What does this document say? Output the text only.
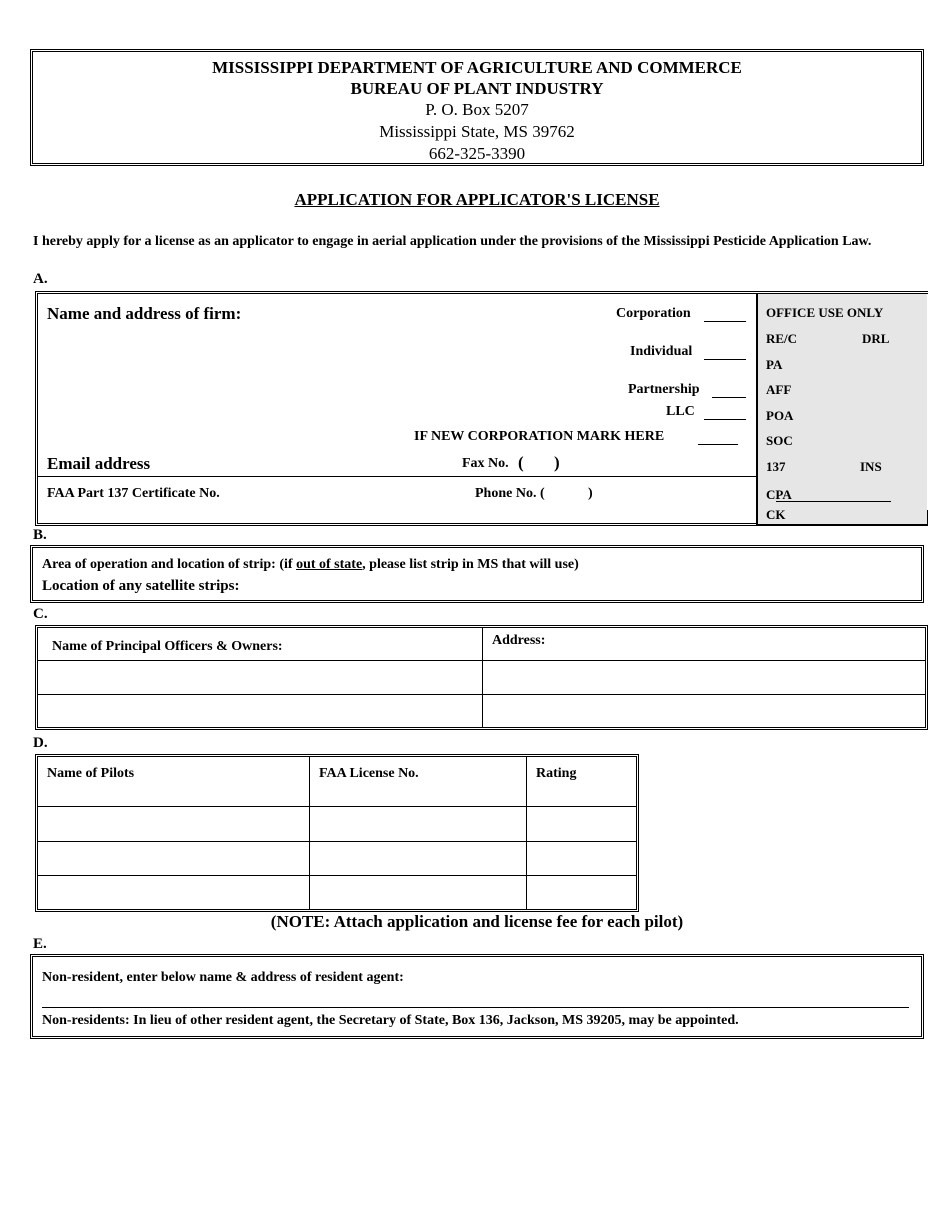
MISSISSIPPI DEPARTMENT OF AGRICULTURE AND COMMERCE
BUREAU OF PLANT INDUSTRY
P. O. Box 5207
Mississippi State, MS 39762
662-325-3390
APPLICATION FOR APPLICATOR'S LICENSE
I hereby apply for a license as an applicator to engage in aerial application under the provisions of the Mississippi Pesticide Application Law.
A.
Name and address of firm:	Corporation
Individual
Partnership
LLC
IF NEW CORPORATION MARK HERE
Email address	Fax No. ( )
FAA Part 137 Certificate No.	Phone No. (	)
OFFICE USE ONLY
RE/C	DRL
PA
AFF
POA
SOC
137	INS
CPA
CK
B.
Area of operation and location of strip: (if out of state, please list strip in MS that will use)
Location of any satellite strips:
C.
Name of Principal Officers & Owners:	Address:
D.
Name of Pilots	FAA License No.	Rating
(NOTE: Attach application and license fee for each pilot)
E.
Non-resident, enter below name & address of resident agent:
Non-residents: In lieu of other resident agent, the Secretary of State, Box 136, Jackson, MS 39205, may be appointed.
